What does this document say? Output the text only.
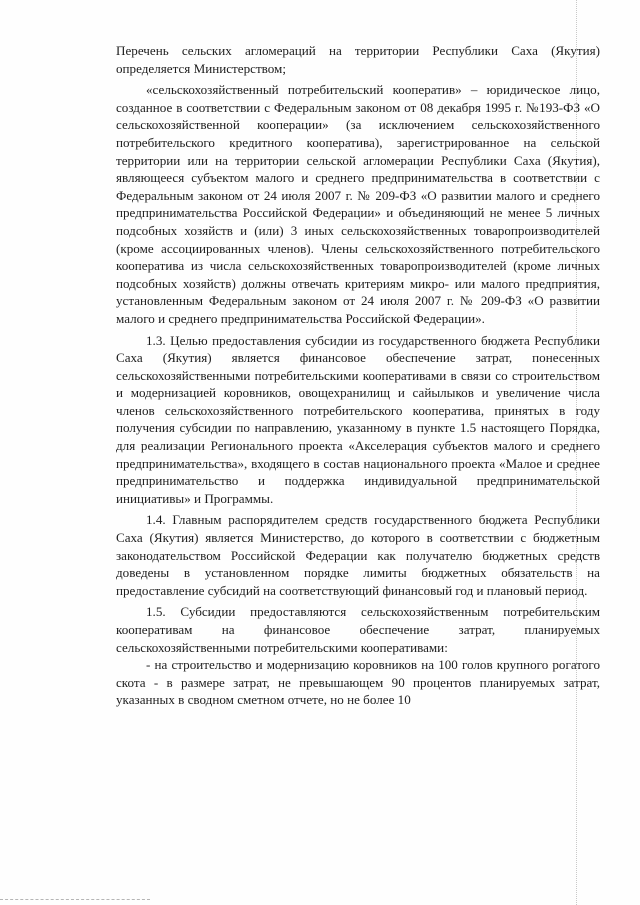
Перечень сельских агломераций на территории Республики Саха (Якутия) определяется Министерством;

«сельскохозяйственный потребительский кооператив» – юридическое лицо, созданное в соответствии с Федеральным законом от 08 декабря 1995 г. №193-ФЗ «О сельскохозяйственной кооперации» (за исключением сельскохозяйственного потребительского кредитного кооператива), зарегистрированное на сельской территории или на территории сельской агломерации Республики Саха (Якутия), являющееся субъектом малого и среднего предпринимательства в соответствии с Федеральным законом от 24 июля 2007 г. № 209-ФЗ «О развитии малого и среднего предпринимательства Российской Федерации» и объединяющий не менее 5 личных подсобных хозяйств и (или) 3 иных сельскохозяйственных товаропроизводителей (кроме ассоциированных членов). Члены сельскохозяйственного потребительского кооператива из числа сельскохозяйственных товаропроизводителей (кроме личных подсобных хозяйств) должны отвечать критериям микро- или малого предприятия, установленным Федеральным законом от 24 июля 2007 г. № 209-ФЗ «О развитии малого и среднего предпринимательства Российской Федерации».

1.3. Целью предоставления субсидии из государственного бюджета Республики Саха (Якутия) является финансовое обеспечение затрат, понесенных сельскохозяйственными потребительскими кооперативами в связи со строительством и модернизацией коровников, овощехранилищ и сайылыков и увеличение числа членов сельскохозяйственного потребительского кооператива, принятых в году получения субсидии по направлению, указанному в пункте 1.5 настоящего Порядка, для реализации Регионального проекта «Акселерация субъектов малого и среднего предпринимательства», входящего в состав национального проекта «Малое и среднее предпринимательство и поддержка индивидуальной предпринимательской инициативы» и Программы.

1.4. Главным распорядителем средств государственного бюджета Республики Саха (Якутия) является Министерство, до которого в соответствии с бюджетным законодательством Российской Федерации как получателю бюджетных средств доведены в установленном порядке лимиты бюджетных обязательств на предоставление субсидий на соответствующий финансовый год и плановый период.

1.5. Субсидии предоставляются сельскохозяйственным потребительским кооперативам на финансовое обеспечение затрат, планируемых сельскохозяйственными потребительскими кооперативами:

- на строительство и модернизацию коровников на 100 голов крупного рогатого скота - в размере затрат, не превышающем 90 процентов планируемых затрат, указанных в сводном сметном отчете, но не более 10
